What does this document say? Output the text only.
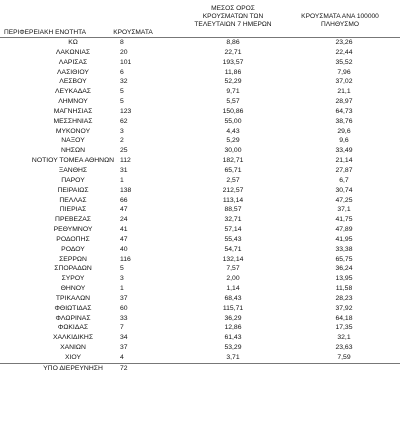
ΠΕΡΙΦΕΡΕΙΑΚΗ ΕΝΟΤΗΤΑ	ΚΡΟΥΣΜΑΤΑ
ΜΕΣΟΣ ΟΡΟΣ
ΚΡΟΥΣΜΑΤΩΝ ΤΩΝ
ΤΕΛΕΥΤΑΙΩΝ 7 ΗΜΕΡΩΝ
ΚΡΟΥΣΜΑΤΑ ΑΝΑ 100000
ΠΛΗΘΥΣΜΟ
ΚΩ	8	8,86	23,26
ΛΑΚΩΝΙΑΣ	20	22,71	22,44
ΛΑΡΙΣΑΣ	101	193,57	35,52
ΛΑΣΙΘΙΟΥ	6	11,86	7,96
ΛΕΣΒΟΥ	32	52,29	37,02
ΛΕΥΚΑΔΑΣ	5	9,71	21,1
ΛΗΜΝΟΥ	5	5,57	28,97
ΜΑΓΝΗΣΙΑΣ	123	150,86	64,73
ΜΕΣΣΗΝΙΑΣ	62	55,00	38,76
ΜΥΚΟΝΟΥ	3	4,43	29,6
ΝΑΞΟΥ	2	5,29	9,6
ΝΗΣΩΝ	25	30,00	33,49
ΝΟΤΙΟΥ ΤΟΜΕΑ ΑΘΗΝΩΝ 112	182,71	21,14
ΞΑΝΘΗΣ	31	65,71	27,87
ΠΑΡΟΥ	1	2,57	6,7
ΠΕΙΡΑΙΩΣ	138	212,57	30,74
ΠΕΛΛΑΣ	66	113,14	47,25
ΠΙΕΡΙΑΣ	47	88,57	37,1
ΠΡΕΒΕΖΑΣ	24	32,71	41,75
ΡΕΘΥΜΝΟΥ	41	57,14	47,89
ΡΟΔΟΠΗΣ	47	55,43	41,95
ΡΟΔΟΥ	40	54,71	33,38
ΣΕΡΡΩΝ	116	132,14	65,75
ΣΠΟΡΑΔΩΝ	5	7,57	36,24
ΣΥΡΟΥ	3	2,00	13,95
ΘΗΝΟΥ	1	1,14	11,58
ΤΡΙΚΑΛΩΝ	37	68,43	28,23
ΦΘΙΩΤΙΔΑΣ	60	115,71	37,92
ΦΛΩΡΙΝΑΣ	33	36,29	64,18
ΦΩΚΙΔΑΣ	7	12,86	17,35
ΧΑΛΚΙΔΙΚΗΣ	34	61,43	32,1
ΧΑΝΙΩΝ	37	53,29	23,63
ΧΙΟΥ	4	3,71	7,59
ΥΠΟ ΔΙΕΡΕΥΝΗΣΗ	72
